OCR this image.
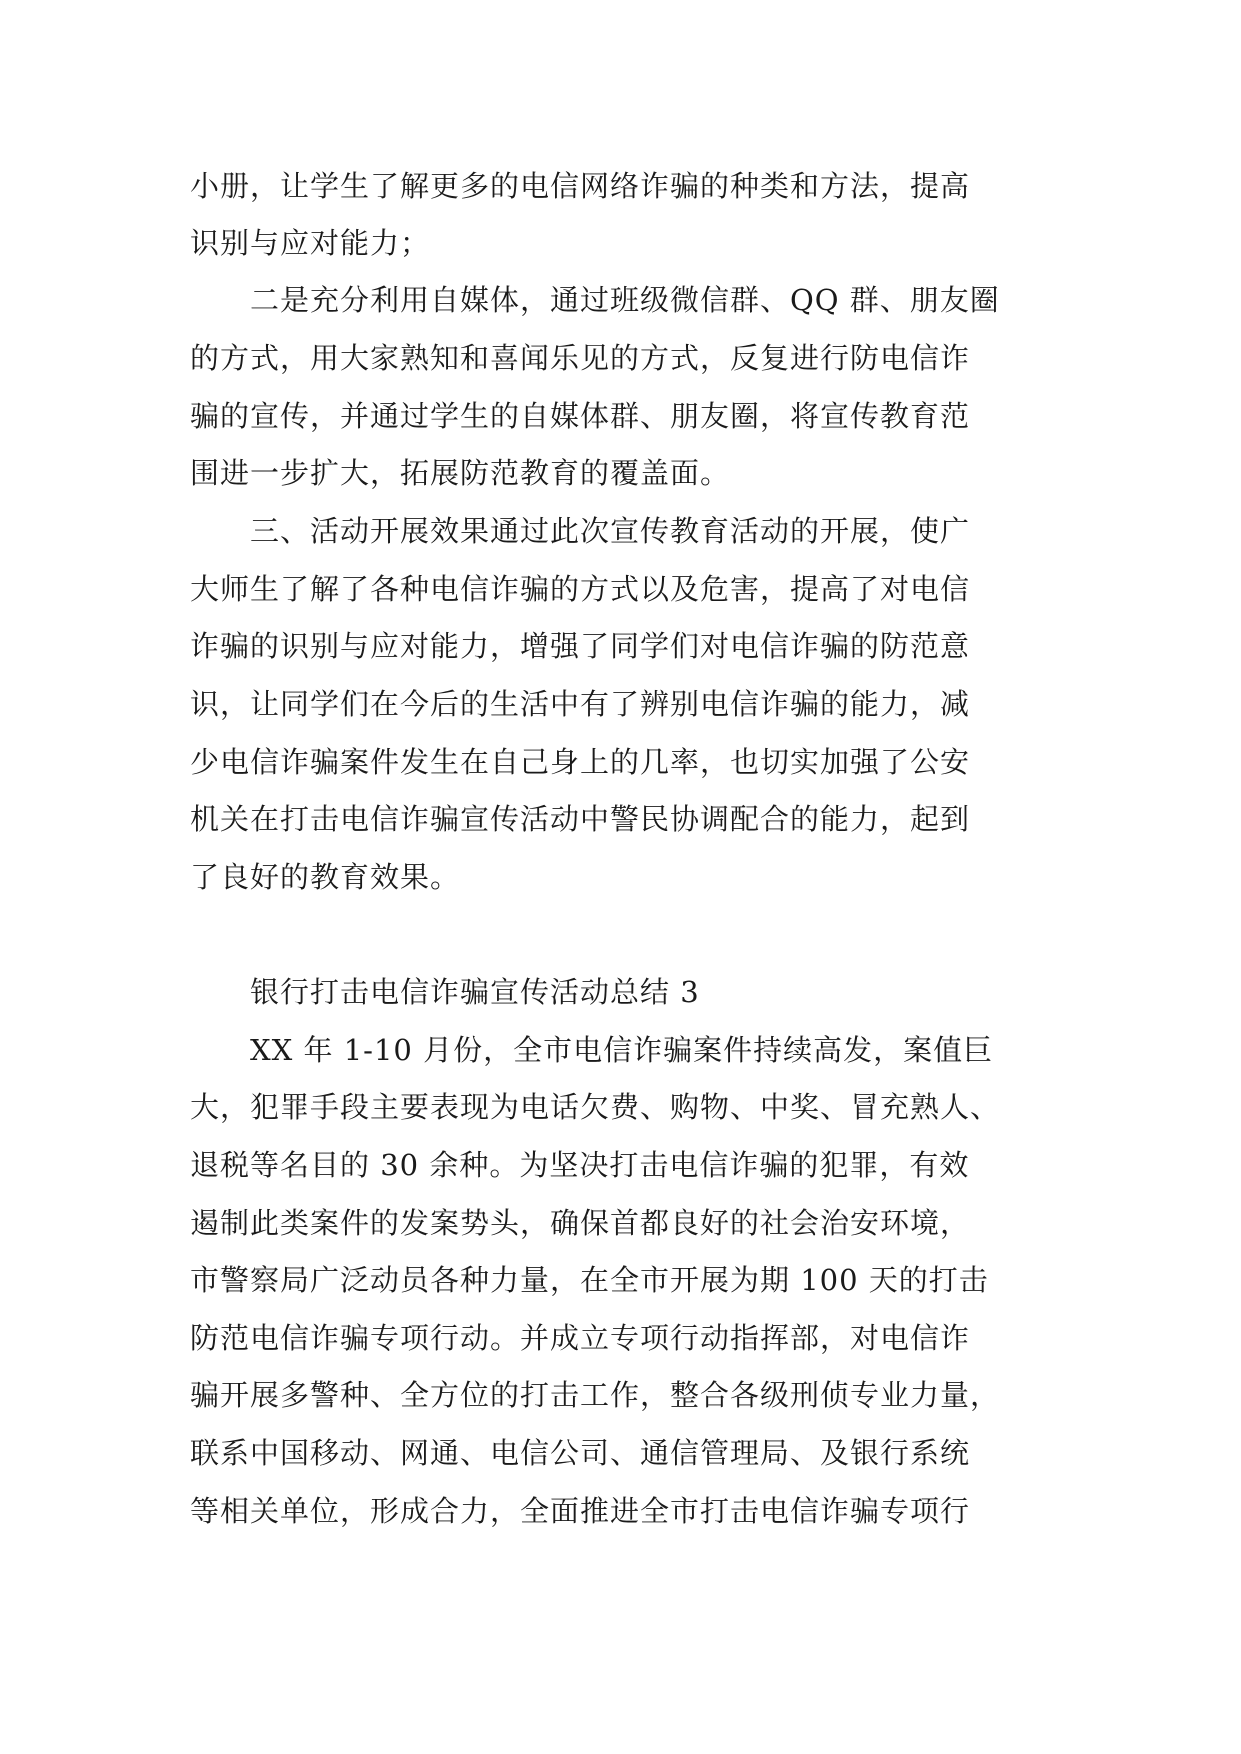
小册，让学生了解更多的电信网络诈骗的种类和方法，提高

识别与应对能力；

　　二是充分利用自媒体，通过班级微信群、QQ 群、朋友圈

的方式，用大家熟知和喜闻乐见的方式，反复进行防电信诈

骗的宣传，并通过学生的自媒体群、朋友圈，将宣传教育范

围进一步扩大，拓展防范教育的覆盖面。

　　三、活动开展效果通过此次宣传教育活动的开展，使广

大师生了解了各种电信诈骗的方式以及危害，提高了对电信

诈骗的识别与应对能力，增强了同学们对电信诈骗的防范意

识，让同学们在今后的生活中有了辨别电信诈骗的能力，减

少电信诈骗案件发生在自己身上的几率，也切实加强了公安

机关在打击电信诈骗宣传活动中警民协调配合的能力，起到

了良好的教育效果。

　　银行打击电信诈骗宣传活动总结 3

　　XX 年 1-10 月份，全市电信诈骗案件持续高发，案值巨

大，犯罪手段主要表现为电话欠费、购物、中奖、冒充熟人、

退税等名目的 30 余种。为坚决打击电信诈骗的犯罪，有效

遏制此类案件的发案势头，确保首都良好的社会治安环境，

市警察局广泛动员各种力量，在全市开展为期 100 天的打击

防范电信诈骗专项行动。并成立专项行动指挥部，对电信诈

骗开展多警种、全方位的打击工作，整合各级刑侦专业力量，

联系中国移动、网通、电信公司、通信管理局、及银行系统

等相关单位，形成合力，全面推进全市打击电信诈骗专项行
